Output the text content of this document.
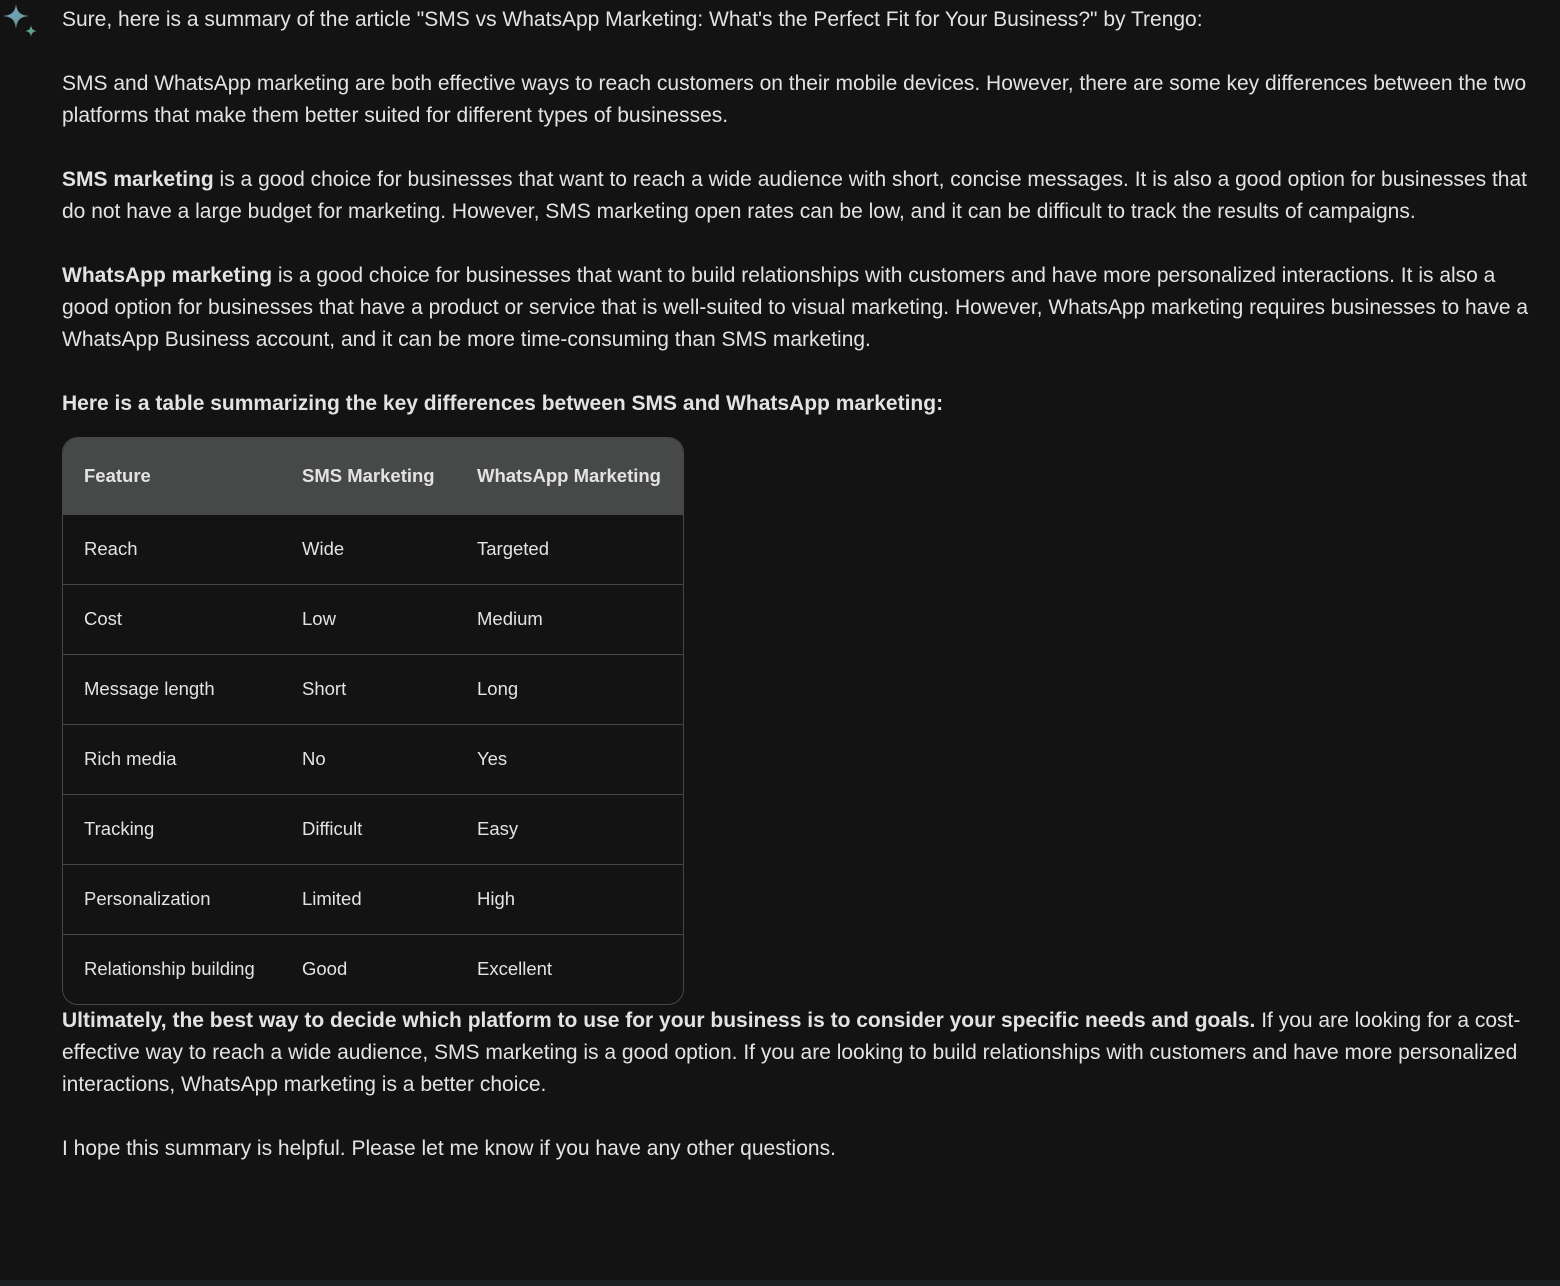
Sure, here is a summary of the article "SMS vs WhatsApp Marketing: What's the Perfect Fit for Your Business?" by Trengo:

SMS and WhatsApp marketing are both effective ways to reach customers on their mobile devices. However, there are some key differences between the two platforms that make them better suited for different types of businesses.

SMS marketing is a good choice for businesses that want to reach a wide audience with short, concise messages. It is also a good option for businesses that do not have a large budget for marketing. However, SMS marketing open rates can be low, and it can be difficult to track the results of campaigns.

WhatsApp marketing is a good choice for businesses that want to build relationships with customers and have more personalized interactions. It is also a good option for businesses that have a product or service that is well-suited to visual marketing. However, WhatsApp marketing requires businesses to have a WhatsApp Business account, and it can be more time-consuming than SMS marketing.

Here is a table summarizing the key differences between SMS and WhatsApp marketing:

Feature	SMS Marketing	WhatsApp Marketing
Reach	Wide	Targeted
Cost	Low	Medium
Message length	Short	Long
Rich media	No	Yes
Tracking	Difficult	Easy
Personalization	Limited	High
Relationship building	Good	Excellent

Ultimately, the best way to decide which platform to use for your business is to consider your specific needs and goals. If you are looking for a cost-effective way to reach a wide audience, SMS marketing is a good option. If you are looking to build relationships with customers and have more personalized interactions, WhatsApp marketing is a better choice.

I hope this summary is helpful. Please let me know if you have any other questions.
